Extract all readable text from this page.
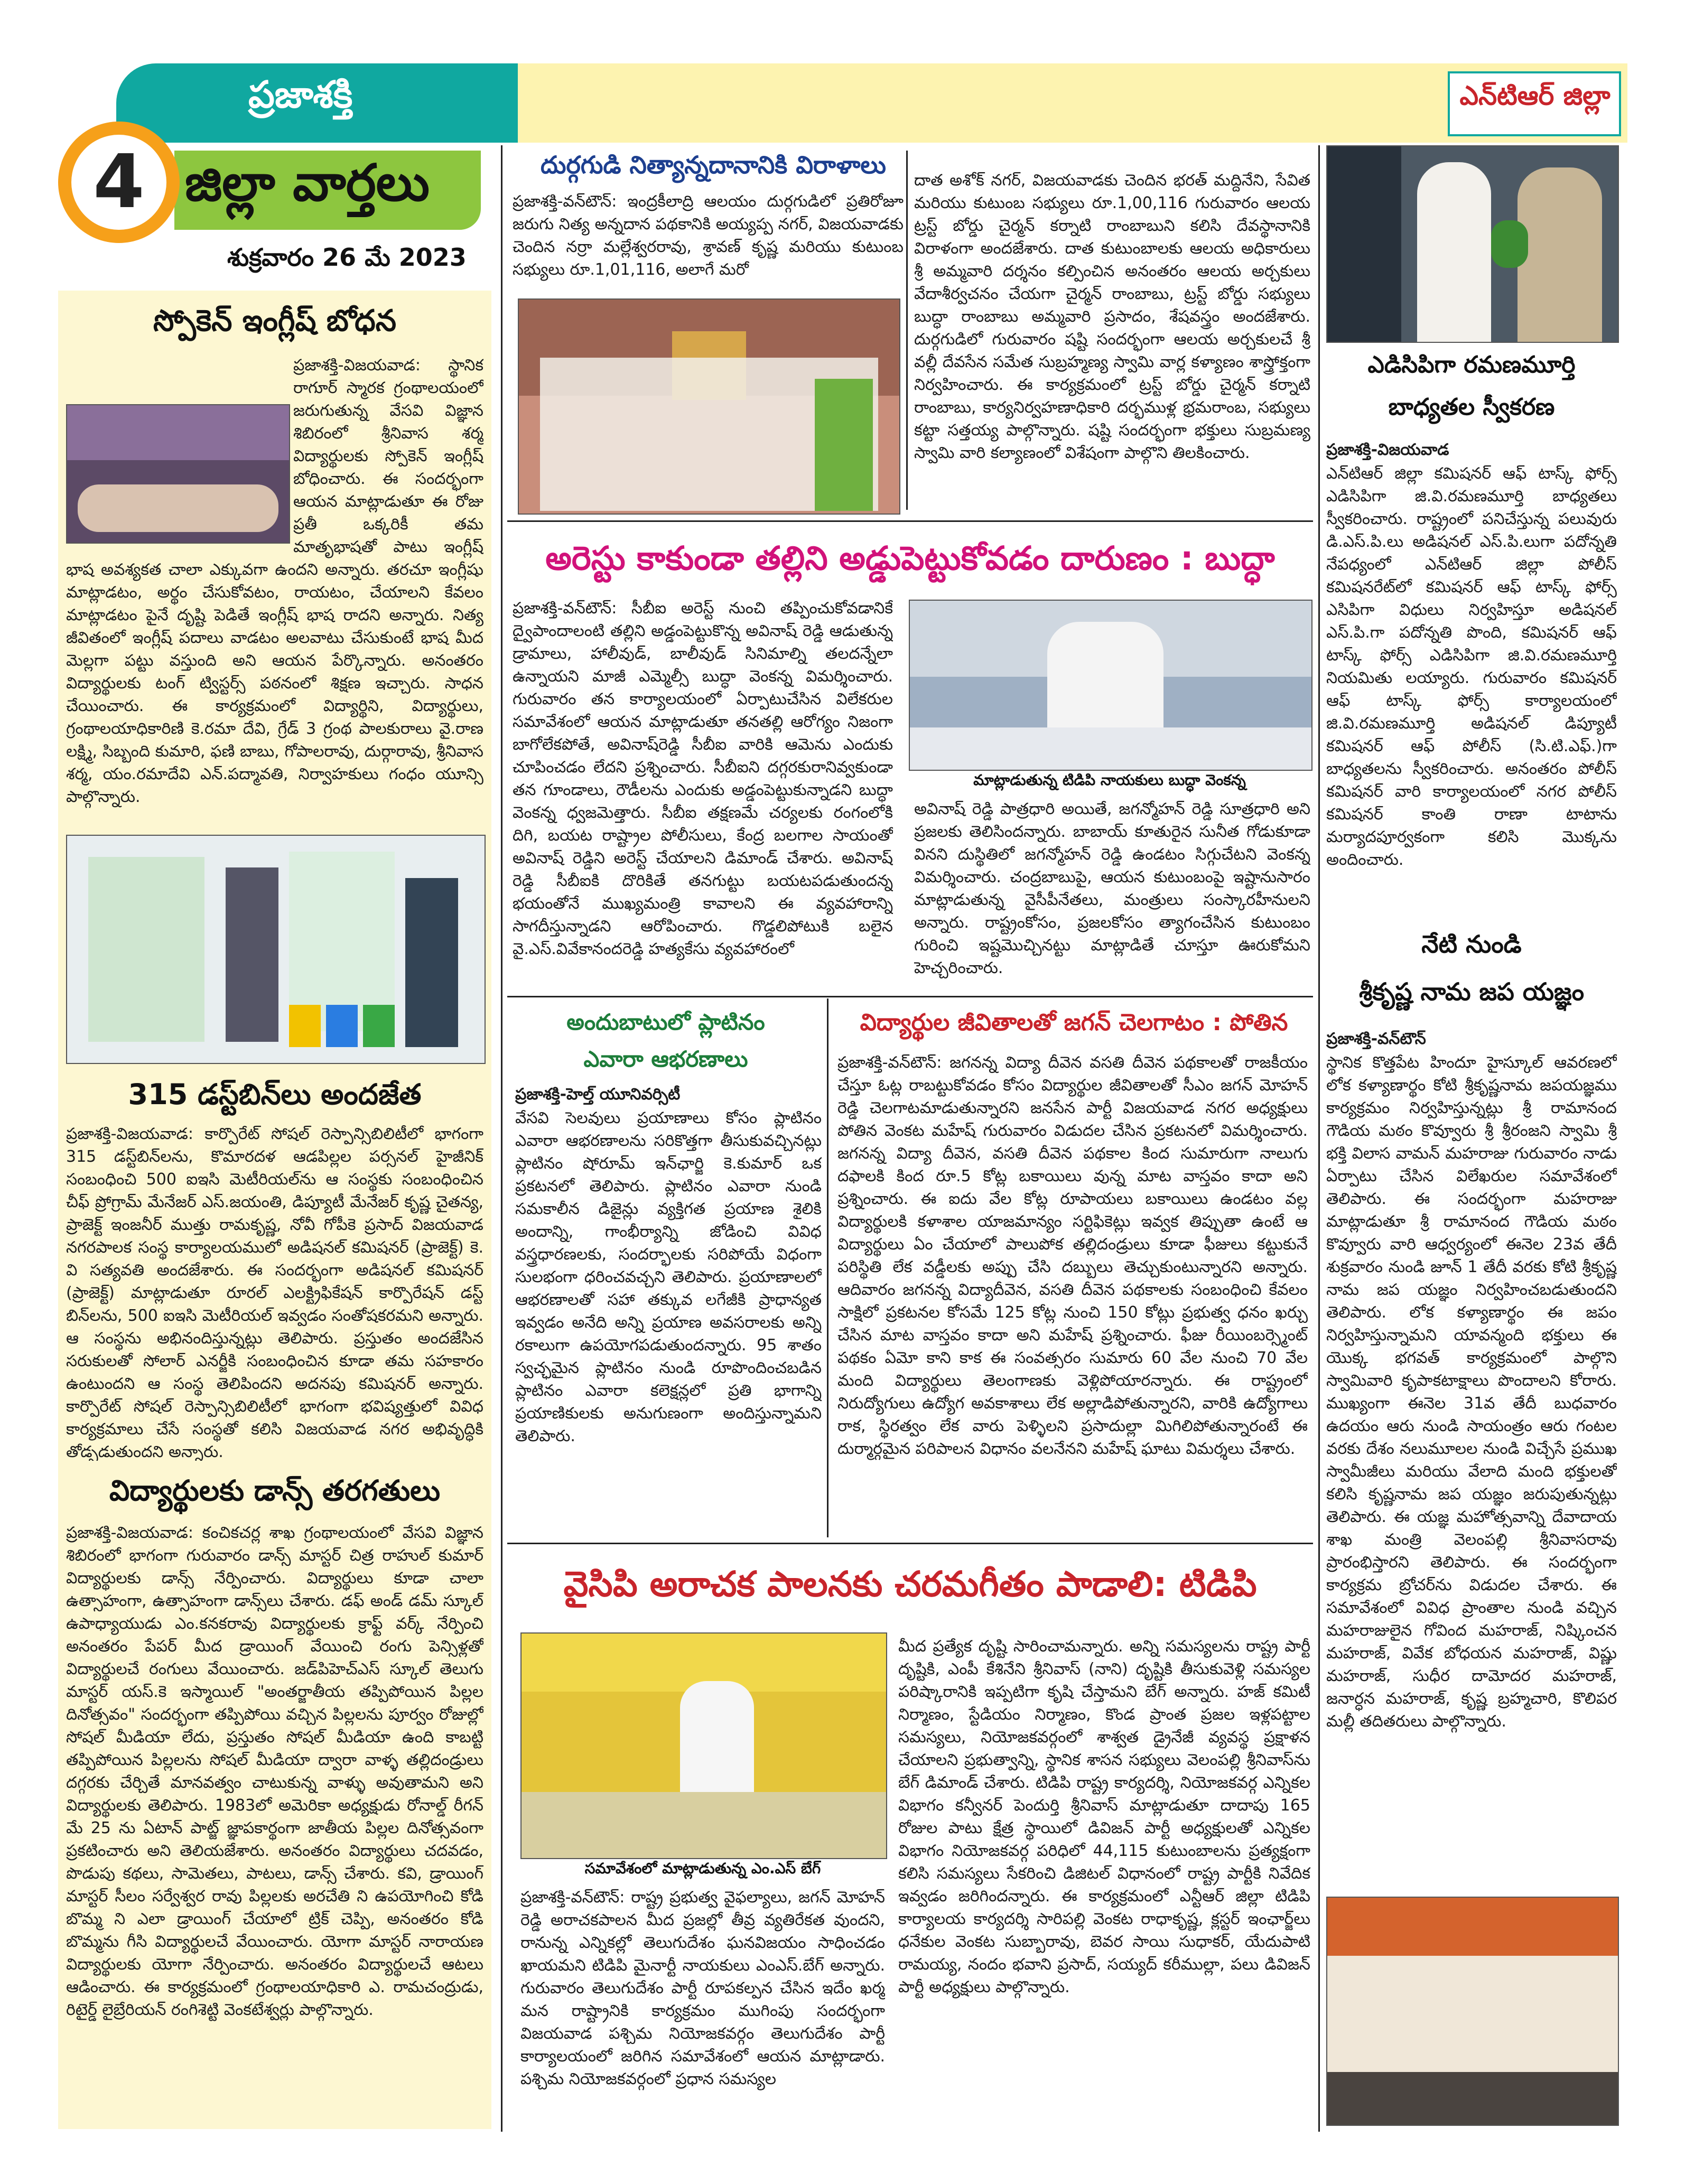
ప్రజాశక్తి	ఎన్‌టిఆర్ జిల్లా
జిల్లా వార్తలు
4
శుక్రవారం 26 మే 2023
స్పోకెన్ ఇంగ్లీష్ బోధన
ప్రజాశక్తి-విజయవాడ: స్థానిక రాగూర్ స్మారక గ్రంథాలయంలో జరుగుతున్న వేసవి విజ్ఞాన శిబిరంలో శ్రీనివాస శర్మ విద్యార్థులకు స్పోకెన్ ఇంగ్లీష్ బోధించారు. ఈ సందర్భంగా ఆయన మాట్లాడుతూ ఈ రోజు ప్రతీ ఒక్కరికీ తమ మాతృభాషతో పాటు ఇంగ్లీష్ భాష అవశ్యకత చాలా ఎక్కువగా ఉందని అన్నారు. తరచూ ఇంగ్లీషు మాట్లాడటం, అర్థం చేసుకోవటం, రాయటం, చేయాలని కేవలం మాట్లాడటం పైనే దృష్టి పెడితే ఇంగ్లీష్ భాష రాదని అన్నారు. నిత్య జీవితంలో ఇంగ్లీష్ పదాలు వాడటం అలవాటు చేసుకుంటే భాష మీద మెల్లగా పట్టు వస్తుంది అని ఆయన పేర్కొన్నారు. అనంతరం విద్యార్థులకు టంగ్ ట్విస్టర్స్ పఠనంలో శిక్షణ ఇచ్చారు. సాధన చేయించారు. ఈ కార్యక్రమంలో విద్యార్థిని, విద్యార్థులు, గ్రంథాలయాధికారిణి కె.రమా దేవి, గ్రేడ్ 3 గ్రంథ పాలకురాలు వై.రాణ లక్ష్మి, సిబ్బంది కుమారి, ఫణి బాబు, గోపాలరావు, దుర్గారావు, శ్రీనివాస శర్మ, యం.రమాదేవి ఎన్.పద్మావతి, నిర్వాహకులు గంధం యూన్సి పాల్గొన్నారు.
315 డస్ట్‌బిన్‌లు అందజేత
ప్రజాశక్తి-విజయవాడ: కార్పొరేట్ సోషల్ రెస్పాన్సిబిలిటీలో భాగంగా 315 డస్ట్‌బిన్‌లను, కొమారదళ ఆడపిల్లల పర్సనల్ హైజీనిక్ సంబంధించి 500 ఐఇసి మెటీరియల్‌ను ఆ సంస్థకు సంబంధించిన చీఫ్ ప్రోగ్రామ్ మేనేజర్ ఎస్.జయంతి, డిప్యూటీ మేనేజర్ కృష్ణ చైతన్య, ప్రాజెక్ట్ ఇంజనీర్ ముత్తు రామకృష్ణ, నోవీ గోపీకె ప్రసాద్ విజయవాడ నగరపాలక సంస్థ కార్యాలయములో అడిషనల్ కమిషనర్ (ప్రాజెక్ట్) కె. వి సత్యవతి అందజేశారు. ఈ సందర్భంగా అడిషనల్ కమిషనర్ (ప్రాజెక్ట్) మాట్లాడుతూ రూరల్ ఎలక్ట్రిఫికేషన్ కార్పొరేషన్ డస్ట్ బిన్‌లను, 500 ఐఇసి మెటీరియల్ ఇవ్వడం సంతోషకరమని అన్నారు. ఆ సంస్థను అభినందిస్తున్నట్లు తెలిపారు. ప్రస్తుతం అందజేసిన సరుకులతో సోలార్ ఎనర్జీకి సంబంధించిన కూడా తమ సహకారం ఉంటుందని ఆ సంస్థ తెలిపిందని అదనపు కమిషనర్ అన్నారు. కార్పొరేట్ సోషల్ రెస్పాన్సిబిలిటీలో భాగంగా భవిష్యత్తులో వివిధ కార్యక్రమాలు చేసే సంస్థతో కలిసి విజయవాడ నగర అభివృద్ధికి తోడ్పడుతుందని అన్నారు.
విద్యార్థులకు డాన్స్ తరగతులు
ప్రజాశక్తి-విజయవాడ: కంచికచర్ల శాఖ గ్రంథాలయంలో వేసవి విజ్ఞాన శిబిరంలో భాగంగా గురువారం డాన్స్ మాస్టర్ చిత్ర రాహుల్ కుమార్ విద్యార్థులకు డాన్స్ నేర్పించారు. విద్యార్థులు కూడా చాలా ఉత్సాహంగా, ఉత్సాహంగా డాన్స్‌లు చేశారు. డఫ్ అండ్ డమ్ స్కూల్ ఉపాధ్యాయుడు ఎం.కనకరావు విద్యార్థులకు క్రాఫ్ట్ వర్క్ నేర్పించి అనంతరం పేపర్ మీద డ్రాయింగ్ వేయించి రంగు పెన్సిళ్లతో విద్యార్థులచే రంగులు వేయించారు. జడ్‌పిహెచ్ఎస్ స్కూల్ తెలుగు మాస్టర్ యస్.కె ఇస్మాయిల్ "అంతర్జాతీయ తప్పిపోయిన పిల్లల దినోత్సవం" సందర్భంగా తప్పిపోయి వచ్చిన పిల్లలను పూర్వం రోజుల్లో సోషల్ మీడియా లేదు, ప్రస్తుతం సోషల్ మీడియా ఉంది కాబట్టి తప్పిపోయిన పిల్లలను సోషల్ మీడియా ద్వారా వాళ్ళ తల్లిదండ్రులు దగ్గరకు చేర్చితే మానవత్వం చాటుకున్న వాళ్ళు అవుతామని అని విద్యార్థులకు తెలిపారు. 1983లో అమెరికా అధ్యక్షుడు రోనాల్డ్ రీగన్ మే 25 ను ఏటాన్ పాట్జ్ జ్ఞాపకార్థంగా జాతీయ పిల్లల దినోత్సవంగా ప్రకటించారు అని తెలియజేశారు. అనంతరం విద్యార్థులు చదవడం, పొడుపు కథలు, సామెతలు, పాటలు, డాన్స్ చేశారు. కవి, డ్రాయింగ్ మాస్టర్ సీలం సర్వేశ్వర రావు పిల్లలకు అరచేతి ని ఉపయోగించి కోడి బొమ్మ ని ఎలా డ్రాయింగ్ చేయాలో ట్రిక్ చెప్పి, అనంతరం కోడి బొమ్మను గీసి విద్యార్థులచే వేయించారు. యోగా మాస్టర్ నారాయణ విద్యార్థులకు యోగా నేర్పించారు. అనంతరం విద్యార్థులచే ఆటలు ఆడించారు. ఈ కార్యక్రమంలో గ్రంథాలయాధికారి ఎ. రామచంద్రుడు, రిటైర్డ్ లైబ్రేరియన్ రంగిశెట్టి వెంకటేశ్వర్లు పాల్గొన్నారు.
దుర్గగుడి నిత్యాన్నదానానికి విరాళాలు
ప్రజాశక్తి-వన్‌టౌన్: ఇంద్రకీలాద్రి ఆలయం దుర్గగుడిలో ప్రతిరోజూ జరుగు నిత్య అన్నదాన పథకానికి అయ్యప్ప నగర్, విజయవాడకు చెందిన నర్రా మల్లేశ్వరరావు, శ్రావణ్ కృష్ణ మరియు కుటుంబ సభ్యులు రూ.1,01,116, అలాగే మరో
దాత అశోక్ నగర్, విజయవాడకు చెందిన భరత్ మద్దినేని, సేవిత మరియు కుటుంబ సభ్యులు రూ.1,00,116 గురువారం ఆలయ ట్రస్ట్ బోర్డు చైర్మన్ కర్నాటి రాంబాబుని కలిసి దేవస్థానానికి విరాళంగా అందజేశారు. దాత కుటుంబాలకు ఆలయ అధికారులు శ్రీ అమ్మవారి దర్శనం కల్పించిన అనంతరం ఆలయ అర్చకులు వేదాశీర్వచనం చేయగా చైర్మన్ రాంబాబు, ట్రస్ట్ బోర్డు సభ్యులు బుద్ధా రాంబాబు అమ్మవారి ప్రసాదం, శేషవస్త్రం అందజేశారు. దుర్గగుడిలో గురువారం షష్టి సందర్భంగా ఆలయ అర్చకులచే శ్రీ వల్లీ దేవసేన సమేత సుబ్రహ్మణ్య స్వామి వార్ల కళ్యాణం శాస్త్రోక్తంగా నిర్వహించారు. ఈ కార్యక్రమంలో ట్రస్ట్ బోర్డు చైర్మన్ కర్నాటి రాంబాబు, కార్యనిర్వహణాధికారి దర్భముళ్ల భ్రమరాంబ, సభ్యులు కట్టా సత్తయ్య పాల్గొన్నారు. షష్టి సందర్భంగా భక్తులు సుబ్రమణ్య స్వామి వారి కల్యాణంలో విశేషంగా పాల్గొని తిలకించారు.
అరెస్టు కాకుండా తల్లిని అడ్డుపెట్టుకోవడం దారుణం : బుద్ధా
ప్రజాశక్తి-వన్‌టౌన్: సీబీఐ అరెస్ట్ నుంచి తప్పించుకోవడానికే ద్వైపాందాలంటి తల్లిని అడ్డంపెట్టుకొన్న అవినాష్ రెడ్డి ఆడుతున్న డ్రామాలు, హాలీవుడ్, బాలీవుడ్ సినిమాల్ని తలదన్నేలా ఉన్నాయని మాజీ ఎమ్మెల్సీ బుద్ధా వెంకన్న విమర్శించారు. గురువారం తన కార్యాలయంలో ఏర్పాటుచేసిన విలేకరుల సమావేశంలో ఆయన మాట్లాడుతూ తనతల్లి ఆరోగ్యం నిజంగా బాగోలేకపోతే, అవినాష్‌రెడ్డి సీబీఐ వారికి ఆమెను ఎందుకు చూపించడం లేదని ప్రశ్నించారు. సీబీఐని దగ్గరకురానివ్వకుండా తన గూండాలు, రౌడీలను ఎందుకు అడ్డంపెట్టుకున్నాడని బుద్ధా వెంకన్న ధ్వజమెత్తారు. సీబీఐ తక్షణమే చర్యలకు రంగంలోకి దిగి, బయట రాష్ట్రాల పోలీసులు, కేంద్ర బలగాల సాయంతో అవినాష్ రెడ్డిని అరెస్ట్ చేయాలని డిమాండ్ చేశారు. అవినాష్ రెడ్డి సీబీఐకి దొరికితే తనగుట్టు బయటపడుతుందన్న భయంతోనే ముఖ్యమంత్రి కావాలని ఈ వ్యవహారాన్ని సాగదీస్తున్నాడని ఆరోపించారు. గొడ్డలిపోటుకి బలైన వై.ఎస్.వివేకానందరెడ్డి హత్యకేసు వ్యవహారంలో
మాట్లాడుతున్న టిడిపి నాయకులు బుద్ధా వెంకన్న
అవినాష్ రెడ్డి పాత్రధారి అయితే, జగన్మోహన్ రెడ్డి సూత్రధారి అని ప్రజలకు తెలిసిందన్నారు. బాబాయ్ కూతురైన సునీత గోడుకూడా వినని దుస్థితిలో జగన్మోహన్ రెడ్డి ఉండటం సిగ్గుచేటని వెంకన్న విమర్శించారు. చంద్రబాబుపై, ఆయన కుటుంబంపై ఇష్టానుసారం మాట్లాడుతున్న వైసీపీనేతలు, మంత్రులు సంస్కారహీనులని అన్నారు. రాష్ట్రంకోసం, ప్రజలకోసం త్యాగంచేసిన కుటుంబం గురించి ఇష్టమొచ్చినట్టు మాట్లాడితే చూస్తూ ఊరుకోమని హెచ్చరించారు.
అందుబాటులో ప్లాటినం
ఎవారా ఆభరణాలు
ప్రజాశక్తి-హెల్త్ యూనివర్సిటీ
వేసవి సెలవులు ప్రయాణాలు కోసం ప్లాటినం ఎవారా ఆభరణాలను సరికొత్తగా తీసుకువచ్చినట్లు ప్లాటినం షోరూమ్ ఇన్‌ఛార్జి కె.కుమార్ ఒక ప్రకటనలో తెలిపారు. ప్లాటినం ఎవారా నుండి సమకాలీన డిజైన్లు వ్యక్తిగత ప్రయాణ శైలికి అందాన్ని, గాంభీర్యాన్ని జోడించి వివిధ వస్త్రధారణలకు, సందర్భాలకు సరిపోయే విధంగా సులభంగా ధరించవచ్చని తెలిపారు. ప్రయాణాలలో ఆభరణాలతో సహా తక్కువ లగేజీకి ప్రాధాన్యత ఇవ్వడం అనేది అన్ని ప్రయాణ అవసరాలకు అన్ని రకాలుగా ఉపయోగపడుతుందన్నారు. 95 శాతం స్వచ్ఛమైన ప్లాటినం నుండి రూపొందించబడిన ప్లాటినం ఎవారా కలెక్షన్లలో ప్రతి భాగాన్ని ప్రయాణికులకు అనుగుణంగా అందిస్తున్నామని తెలిపారు.
విద్యార్థుల జీవితాలతో జగన్ చెలగాటం : పోతిన
ప్రజాశక్తి-వన్‌టౌన్: జగనన్న విద్యా దీవెన వసతి దీవెన పథకాలతో రాజకీయం చేస్తూ ఓట్ల రాబట్టుకోవడం కోసం విద్యార్థుల జీవితాలతో సీఎం జగన్ మోహన్ రెడ్డి చెలగాటమాడుతున్నారని జనసేన పార్టీ విజయవాడ నగర అధ్యక్షులు పోతిన వెంకట మహేష్ గురువారం విడుదల చేసిన ప్రకటనలో విమర్శించారు. జగనన్న విద్యా దీవెన, వసతి దీవెన పథకాల కింద సుమారుగా నాలుగు దఫాలకి కింద రూ.5 కోట్ల బకాయిలు వున్న మాట వాస్తవం కాదా అని ప్రశ్నించారు. ఈ ఐదు వేల కోట్ల రూపాయలు బకాయిలు ఉండటం వల్ల విద్యార్థులకి కళాశాల యాజమాన్యం సర్టిఫికెట్లు ఇవ్వక తిప్పుతా ఉంటే ఆ విద్యార్థులు ఏం చేయాలో పాలుపోక తల్లిదండ్రులు కూడా ఫీజులు కట్టుకునే పరిస్థితి లేక వడ్డీలకు అప్పు చేసి దబ్బులు తెచ్చుకుంటున్నారని అన్నారు. ఆదివారం జగనన్న విద్యాదీవెన, వసతి దీవెన పథకాలకు సంబంధించి కేవలం సాక్షిలో ప్రకటనల కోసమే 125 కోట్ల నుంచి 150 కోట్లు ప్రభుత్వ ధనం ఖర్చు చేసిన మాట వాస్తవం కాదా అని మహేష్ ప్రశ్నించారు. ఫీజు రీయింబర్స్మెంట్ పథకం ఏమో కాని కాక ఈ సంవత్సరం సుమారు 60 వేల నుంచి 70 వేల మంది విద్యార్థులు తెలంగాణకు వెళ్లిపోయారన్నారు. ఈ రాష్ట్రంలో నిరుద్యోగులు ఉద్యోగ అవకాశాలు లేక అల్లాడిపోతున్నారని, వారికి ఉద్యోగాలు రాక, స్థిరత్వం లేక వారు పెళ్ళిలని ప్రసాదుల్లా మిగిలిపోతున్నారంటే ఈ దుర్మార్గమైన పరిపాలన విధానం వలనేనని మహేష్ ఘాటు విమర్శలు చేశారు.
వైసిపి అరాచక పాలనకు చరమగీతం పాడాలి: టిడిపి
సమావేశంలో మాట్లాడుతున్న ఎం.ఎస్ బేగ్
ప్రజాశక్తి-వన్‌టౌన్: రాష్ట్ర ప్రభుత్వ వైఫల్యాలు, జగన్ మోహన్ రెడ్డి అరాచకపాలన మీద ప్రజల్లో తీవ్ర వ్యతిరేకత వుందని, రానున్న ఎన్నికల్లో తెలుగుదేశం ఘనవిజయం సాధించడం ఖాయమని టిడిపి మైనార్టీ నాయకులు ఎంఎస్.బేగ్ అన్నారు. గురువారం తెలుగుదేశం పార్టీ రూపకల్పన చేసిన ఇదేం ఖర్మ మన రాష్ట్రానికి కార్యక్రమం ముగింపు సందర్భంగా విజయవాడ పశ్చిమ నియోజకవర్గం తెలుగుదేశం పార్టీ కార్యాలయంలో జరిగిన సమావేశంలో ఆయన మాట్లాడారు. పశ్చిమ నియోజకవర్గంలో ప్రధాన సమస్యల
మీద ప్రత్యేక దృష్టి సారించామన్నారు. అన్ని సమస్యలను రాష్ట్ర పార్టీ దృష్టికి, ఎంపీ కేశినేని శ్రీనివాస్ (నాని) దృష్టికి తీసుకువెళ్లి సమస్యల పరిష్కారానికి ఇప్పటిగా కృషి చేస్తామని బేగ్ అన్నారు. హజ్ కమిటీ నిర్మాణం, స్టేడియం నిర్మాణం, కొండ ప్రాంత ప్రజల ఇళ్లపట్టాల సమస్యలు, నియోజకవర్గంలో శాశ్వత డ్రైనేజీ వ్యవస్థ ప్రక్షాళన చేయాలని ప్రభుత్వాన్ని, స్థానిక శాసన సభ్యులు వెలంపల్లి శ్రీనివాస్‌ను బేగ్ డిమాండ్ చేశారు. టిడిపి రాష్ట్ర కార్యదర్శి, నియోజకవర్గ ఎన్నికల విభాగం కన్వీనర్ పెందుర్తి శ్రీనివాస్ మాట్లాడుతూ దాదాపు 165 రోజుల పాటు క్షేత్ర స్థాయిలో డివిజన్ పార్టీ అధ్యక్షులతో ఎన్నికల విభాగం నియోజకవర్గ పరిధిలో 44,115 కుటుంబాలను ప్రత్యక్షంగా కలిసి సమస్యలు సేకరించి డిజిటల్ విధానంలో రాష్ట్ర పార్టీకి నివేదిక ఇవ్వడం జరిగిందన్నారు. ఈ కార్యక్రమంలో ఎన్టీఆర్ జిల్లా టిడిపి కార్యాలయ కార్యదర్శి సారిపల్లి వెంకట రాధాకృష్ణ, క్లస్టర్ ఇంఛార్జ్‌లు ధనేకుల వెంకట సుబ్బారావు, బెవర సాయి సుధాకర్, యేదుపాటి రామయ్య, నందం భవాని ప్రసాద్, సయ్యద్ కరీముల్లా, పలు డివిజన్ పార్టీ అధ్యక్షులు పాల్గొన్నారు.
ఎడిసిపిగా రమణమూర్తి
బాధ్యతల స్వీకరణ
ప్రజాశక్తి-విజయవాడ
ఎన్‌టిఆర్ జిల్లా కమిషనర్ ఆఫ్ టాస్క్ ఫోర్స్ ఎడిసిపిగా జి.వి.రమణమూర్తి బాధ్యతలు స్వీకరించారు. రాష్ట్రంలో పనిచేస్తున్న పలువురు డి.ఎస్.పి.లు అడిషనల్ ఎస్.పి.లుగా పదోన్నతి నేపధ్యంలో ఎన్‌టిఆర్ జిల్లా పోలీస్ కమిషనరేట్‌లో కమిషనర్ ఆఫ్ టాస్క్ ఫోర్స్ ఎసిపిగా విధులు నిర్వహిస్తూ అడిషనల్ ఎస్.పి.గా పదోన్నతి పొంది, కమిషనర్ ఆఫ్ టాస్క్ ఫోర్స్ ఎడిసిపిగా జి.వి.రమణమూర్తి నియమితు లయ్యారు. గురువారం కమిషనర్ ఆఫ్ టాస్క్ ఫోర్స్ కార్యాలయంలో జి.వి.రమణమూర్తి అడిషనల్ డిప్యూటీ కమిషనర్ ఆఫ్ పోలీస్ (సి.టి.ఎఫ్.)గా బాధ్యతలను స్వీకరించారు. అనంతరం పోలీస్ కమిషనర్ వారి కార్యాలయంలో నగర పోలీస్ కమిషనర్ కాంతి రాణా టాటాను మర్యాదపూర్వకంగా కలిసి మొక్కను అందించారు.
నేటి నుండి
శ్రీకృష్ణ నామ జప యజ్ఞం
ప్రజాశక్తి-వన్‌టౌన్
స్థానిక కొత్తపేట హిందూ హైస్కూల్ ఆవరణలో లోక కళ్యాణార్థం కోటి శ్రీకృష్ణనామ జపయజ్ఞము కార్యక్రమం నిర్వహిస్తున్నట్లు శ్రీ రామానంద గౌడియ మఠం కొవ్వూరు శ్రీ శ్రీరంజని స్వామి శ్రీ భక్తి విలాస వామన్ మహరాజు గురువారం నాడు ఏర్పాటు చేసిన విలేఖరుల సమావేశంలో తెలిపారు. ఈ సందర్భంగా మహరాజు మాట్లాడుతూ శ్రీ రామానంద గౌడియ మఠం కొవ్వూరు వారి ఆధ్వర్యంలో ఈనెల 23వ తేదీ శుక్రవారం నుండి జూన్ 1 తేదీ వరకు కోటి శ్రీకృష్ణ నామ జప యజ్ఞం నిర్వహించబడుతుందని తెలిపారు. లోక కళ్యాణార్థం ఈ జపం నిర్వహిస్తున్నామని యావన్మంది భక్తులు ఈ యొక్క భగవత్ కార్యక్రమంలో పాల్గొని స్వామివారి కృపాకటాక్షాలు పొందాలని కోరారు. ముఖ్యంగా ఈనెల 31వ తేదీ బుధవారం ఉదయం ఆరు నుండి సాయంత్రం ఆరు గంటల వరకు దేశం నలుమూలల నుండి విచ్చేసే ప్రముఖ స్వామీజీలు మరియు వేలాది మంది భక్తులతో కలిసి కృష్ణనామ జప యజ్ఞం జరుపుతున్నట్లు తెలిపారు. ఈ యజ్ఞ మహోత్సవాన్ని దేవాదాయ శాఖ మంత్రి వెలంపల్లి శ్రీనివాసరావు ప్రారంభిస్తారని తెలిపారు. ఈ సందర్భంగా కార్యక్రమ బ్రోచర్‌ను విడుదల చేశారు. ఈ సమావేశంలో వివిధ ప్రాంతాల నుండి వచ్చిన మహరాజులైన గోవింద మహరాజ్, నిష్కించన మహరాజ్, వివేక బోధయన మహరాజ్, విష్ణు మహరాజ్, సుధీర దామోదర మహరాజ్, జనార్ధన మహరాజ్, కృష్ణ బ్రహ్మచారి, కొలిపర మల్లీ తదితరులు పాల్గొన్నారు.
